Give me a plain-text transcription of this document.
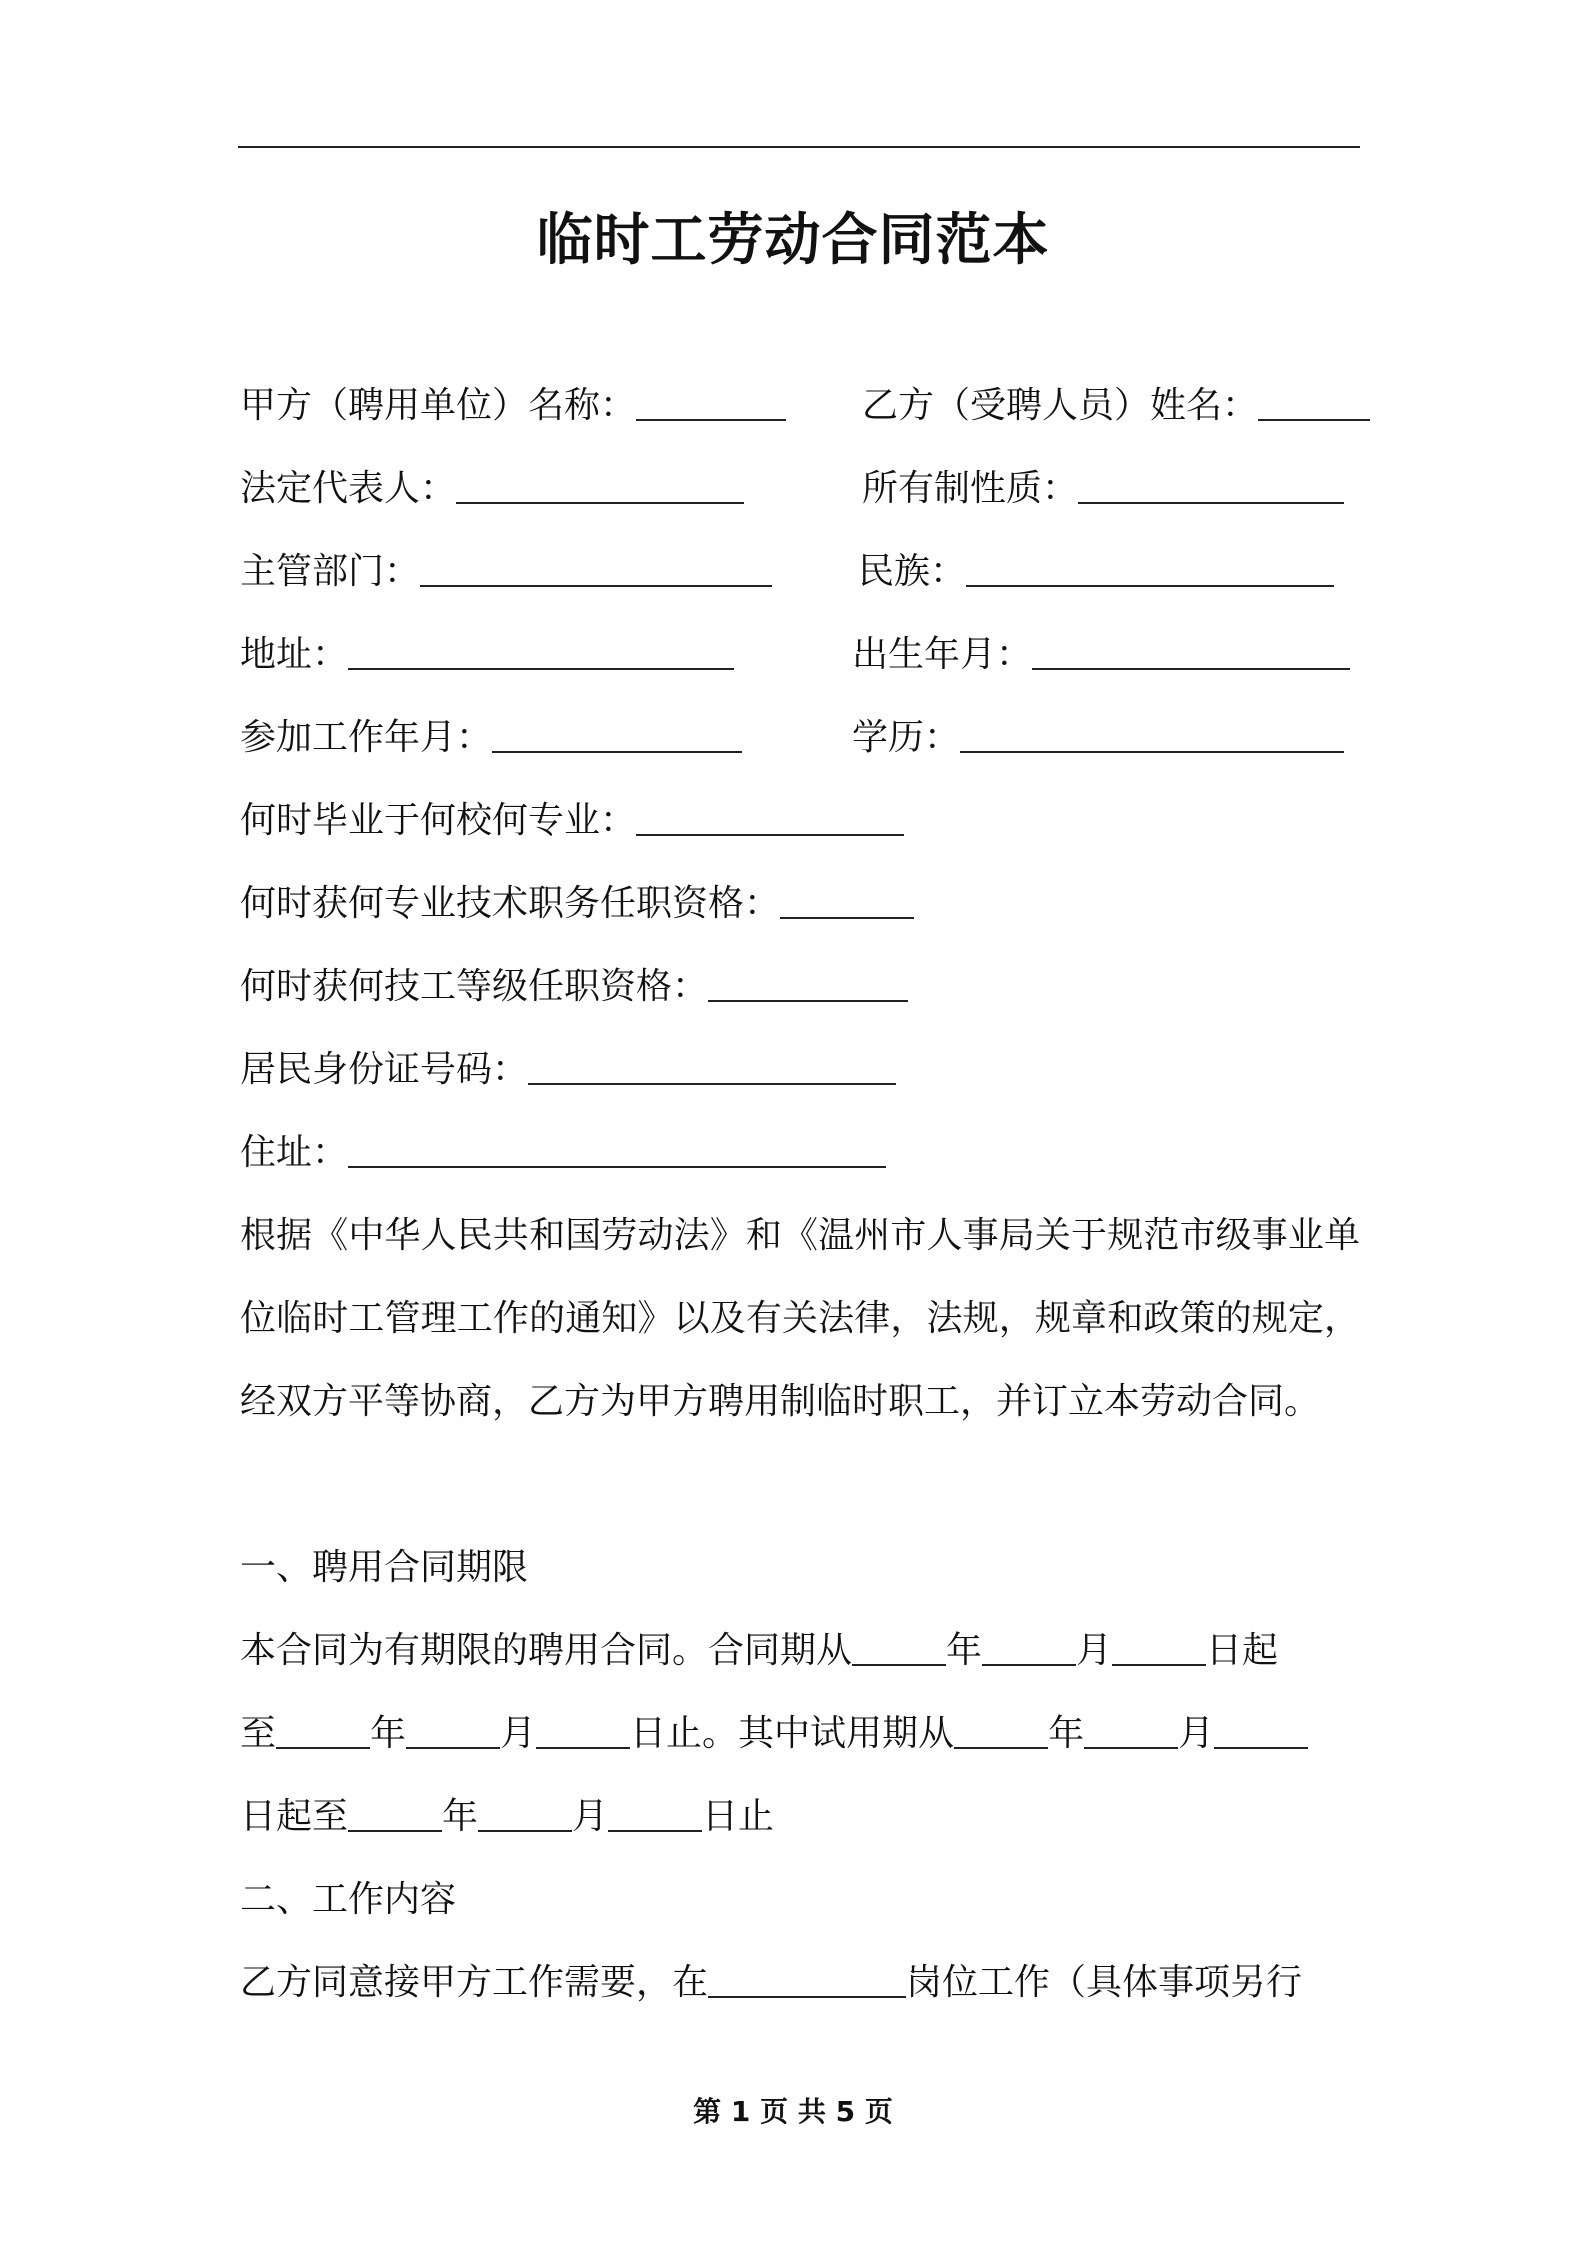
临时工劳动合同范本
甲方（聘用单位）名称：	乙方（受聘人员）姓名：
法定代表人：	所有制性质：
主管部门：	民族：
地址：	出生年月：
参加工作年月：	学历：
何时毕业于何校何专业：
何时获何专业技术职务任职资格：
何时获何技工等级任职资格：
居民身份证号码：
住址：
根据《中华人民共和国劳动法》和《温州市人事局关于规范市级事业单位临时工管理工作的通知》以及有关法律，法规，规章和政策的规定，经双方平等协商，乙方为甲方聘用制临时职工，并订立本劳动合同。
一、聘用合同期限
本合同为有期限的聘用合同。合同期从	年	月	日起
至	年	月	日止。其中试用期从	年	月
日起至	年	月	日止
二、工作内容
乙方同意接甲方工作需要，在	岗位工作（具体事项另行
第 1 页 共 5 页
